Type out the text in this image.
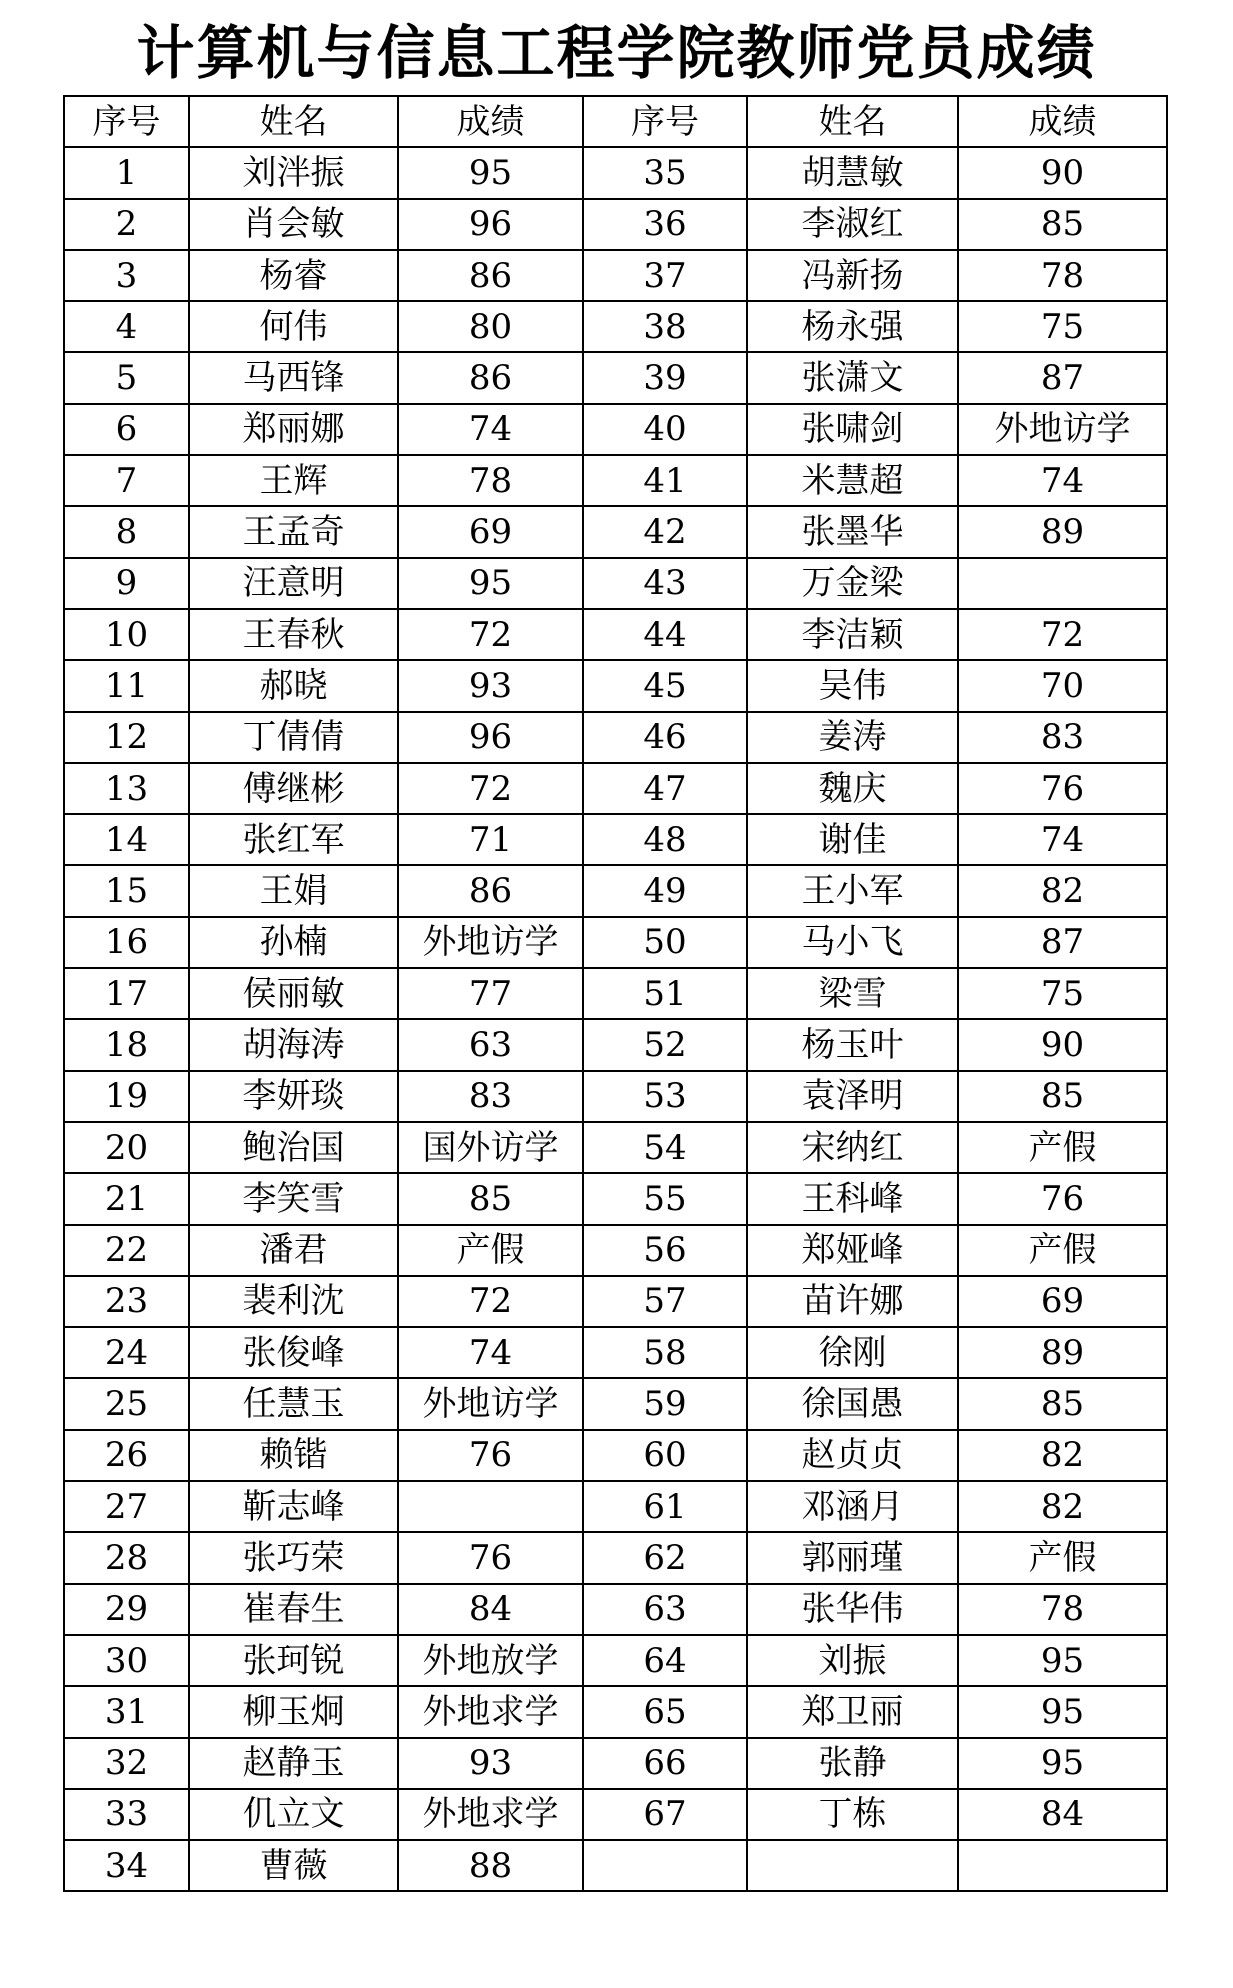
计算机与信息工程学院教师党员成绩
序号	姓名	成绩	序号	姓名	成绩
1	刘泮振	95	35	胡慧敏	90
2	肖会敏	96	36	李淑红	85
3	杨睿	86	37	冯新扬	78
4	何伟	80	38	杨永强	75
5	马西锋	86	39	张潇文	87
6	郑丽娜	74	40	张啸剑	外地访学
7	王辉	78	41	米慧超	74
8	王孟奇	69	42	张墨华	89
9	汪意明	95	43	万金梁	
10	王春秋	72	44	李洁颖	72
11	郝晓	93	45	吴伟	70
12	丁倩倩	96	46	姜涛	83
13	傅继彬	72	47	魏庆	76
14	张红军	71	48	谢佳	74
15	王娟	86	49	王小军	82
16	孙楠	外地访学	50	马小飞	87
17	侯丽敏	77	51	梁雪	75
18	胡海涛	63	52	杨玉叶	90
19	李妍琰	83	53	袁泽明	85
20	鲍治国	国外访学	54	宋纳红	产假
21	李笑雪	85	55	王科峰	76
22	潘君	产假	56	郑娅峰	产假
23	裴利沈	72	57	苗许娜	69
24	张俊峰	74	58	徐刚	89
25	任慧玉	外地访学	59	徐国愚	85
26	赖锴	76	60	赵贞贞	82
27	靳志峰		61	邓涵月	82
28	张巧荣	76	62	郭丽瑾	产假
29	崔春生	84	63	张华伟	78
30	张珂锐	外地放学	64	刘振	95
31	柳玉炯	外地求学	65	郑卫丽	95
32	赵静玉	93	66	张静	95
33	仉立文	外地求学	67	丁栋	84
34	曹薇	88			
